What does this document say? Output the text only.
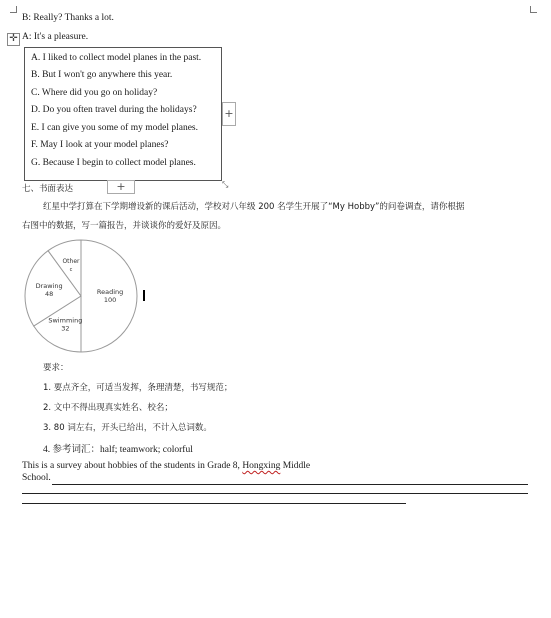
B: Really? Thanks a lot.
✛ A: It's a pleasure.
A. I liked to collect model planes in the past.
B. But I won't go anywhere this year.
C. Where did you go on holiday?
D. Do you often travel during the holidays?
E. I can give you some of my model planes.
F. May I look at your model planes?
G. Because I begin to collect model planes.
+
+	⤡
七、书面表达
红星中学打算在下学期增设新的课后活动，学校对八年级 200 名学生开展了“My Hobby”的问卷调查，请你根据
右图中的数据，写一篇报告，并谈谈你的爱好及原因。
Reading
100
Swimming
32
Drawing
48
Other
c
要求：
1. 要点齐全，可适当发挥，条理清楚，书写规范；
2. 文中不得出现真实姓名、校名；
3. 80 词左右，开头已给出，不计入总词数。
4. 参考词汇：half; teamwork; colorful
This is a survey about hobbies of the students in Grade 8, Hongxing Middle
School.
